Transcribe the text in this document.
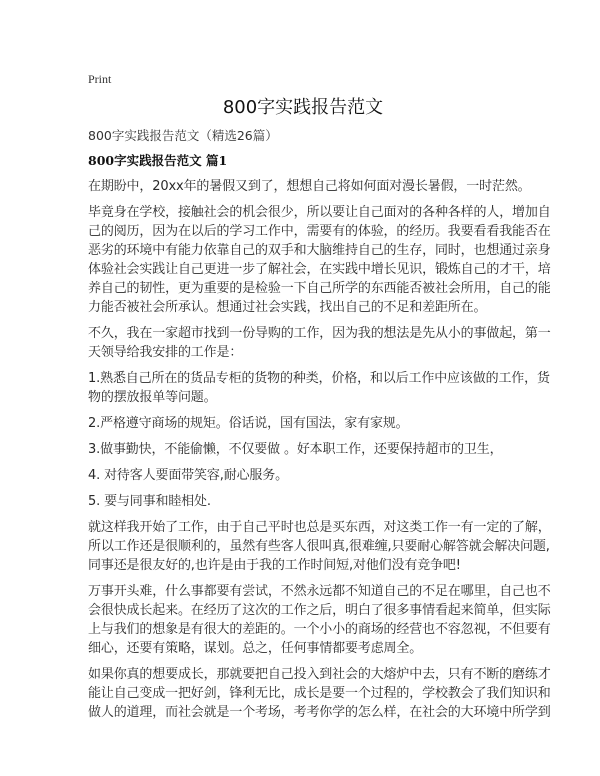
Print
800字实践报告范文
800字实践报告范文（精选26篇）
800字实践报告范文 篇1
在期盼中，20xx年的暑假又到了，想想自己将如何面对漫长暑假，一时茫然。
毕竟身在学校，接触社会的机会很少，所以要让自己面对的各种各样的人，增加自
己的阅历，因为在以后的学习工作中，需要有的体验，的经历。我要看看我能否在
恶劣的环境中有能力依靠自己的双手和大脑维持自己的生存，同时，也想通过亲身
体验社会实践让自己更进一步了解社会，在实践中增长见识，锻炼自己的才干，培
养自己的韧性，更为重要的是检验一下自己所学的东西能否被社会所用，自己的能
力能否被社会所承认。想通过社会实践，找出自己的不足和差距所在。
不久，我在一家超市找到一份导购的工作，因为我的想法是先从小的事做起，第一
天领导给我安排的工作是：
1.熟悉自己所在的货品专柜的货物的种类，价格，和以后工作中应该做的工作，货
物的摆放报单等问题。
2.严格遵守商场的规矩。俗话说，国有国法，家有家规。
3.做事勤快，不能偷懒，不仅要做 。好本职工作，还要保持超市的卫生，
4. 对待客人要面带笑容,耐心服务。
5. 要与同事和睦相处.
就这样我开始了工作，由于自己平时也总是买东西，对这类工作一有一定的了解，
所以工作还是很顺利的，虽然有些客人很叫真,很难缠,只要耐心解答就会解决问题,
同事还是很友好的,也许是由于我的工作时间短,对他们没有竞争吧!
万事开头难，什么事都要有尝试，不然永远都不知道自己的不足在哪里，自己也不
会很快成长起来。在经历了这次的工作之后，明白了很多事情看起来简单，但实际
上与我们的想象是有很大的差距的。一个小小的商场的经营也不容忽视，不但要有
细心，还要有策略，谋划。总之，任何事情都要考虑周全。
如果你真的想要成长，那就要把自己投入到社会的大熔炉中去，只有不断的磨练才
能让自己变成一把好剑，锋利无比，成长是要一个过程的，学校教会了我们知识和
做人的道理，而社会就是一个考场，考考你学的怎么样，在社会的大环境中所学到
